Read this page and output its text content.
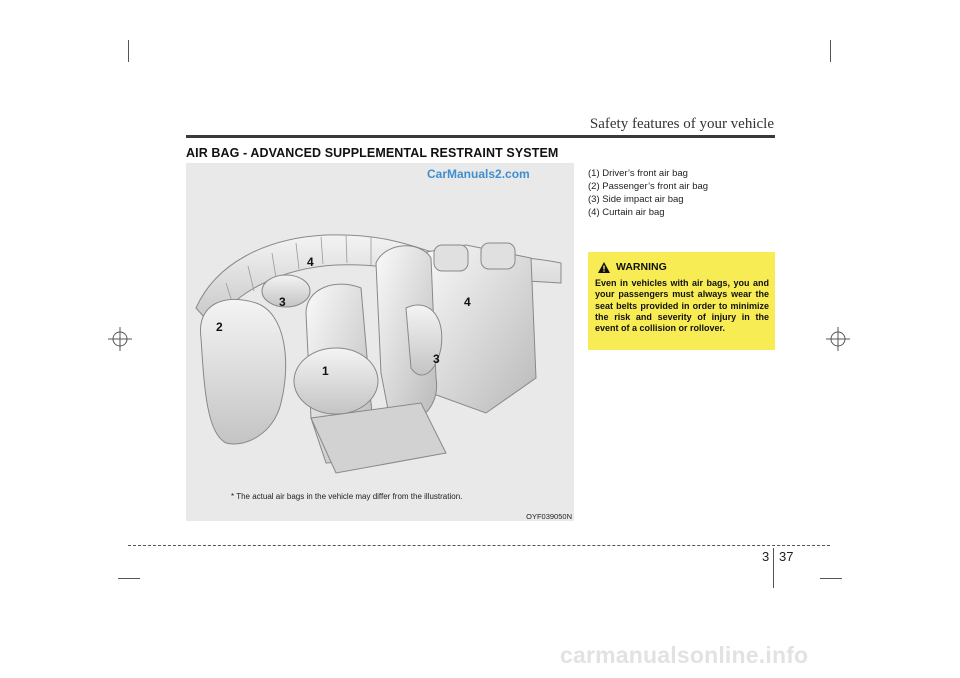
Safety features of your vehicle
AIR BAG - ADVANCED SUPPLEMENTAL RESTRAINT SYSTEM
4
3
2
1
3
4
CarManuals2.com
* The actual air bags in the vehicle may differ from the illustration.
OYF039050N
(1) Driver’s front air bag
(2) Passenger’s front air bag
(3) Side impact air bag
(4) Curtain air bag
WARNING
Even in vehicles with air bags, you and your passengers must always wear the seat belts provided in order to minimize the risk and severity of injury in the event of a collision or rollover.
3 37
carmanualsonline.info
